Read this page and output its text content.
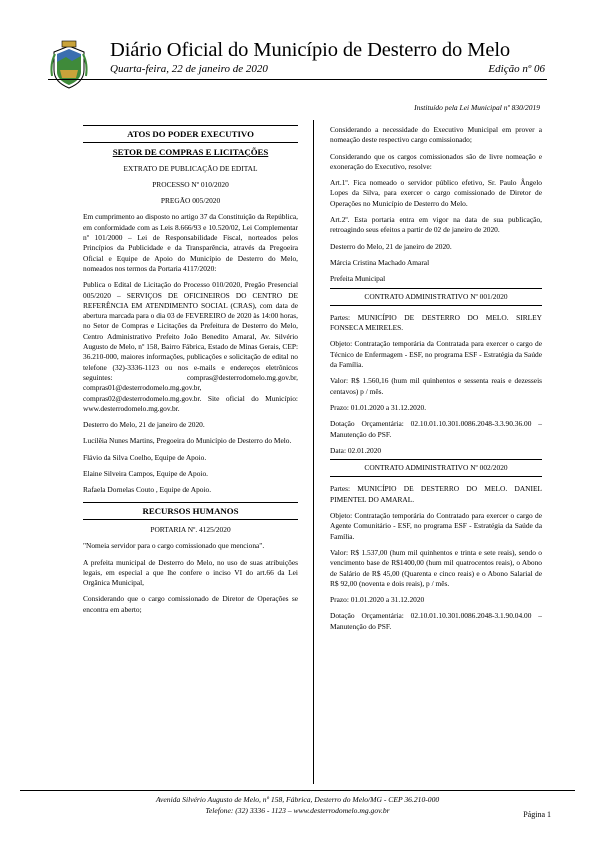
Diário Oficial do Município de Desterro do Melo
Quarta-feira, 22 de janeiro de 2020	Edição nº 06
Instituído pela Lei Municipal nº 830/2019
ATOS DO PODER EXECUTIVO
SETOR DE COMPRAS E LICITAÇÕES
EXTRATO DE PUBLICAÇÃO DE EDITAL
PROCESSO Nº 010/2020
PREGÃO 005/2020

Em cumprimento ao disposto no artigo 37 da Constituição da República, em conformidade com as Leis 8.666/93 e 10.520/02, Lei Complementar nº 101/2000 – Lei de Responsabilidade Fiscal, norteados pelos Princípios da Publicidade e da Transparência, através da Pregoeira Oficial e Equipe de Apoio do Município de Desterro do Melo, nomeados nos termos da Portaria 4117/2020:

Publica o Edital de Licitação do Processo 010/2020, Pregão Presencial 005/2020 – SERVIÇOS DE OFICINEIROS DO CENTRO DE REFERÊNCIA EM ATENDIMENTO SOCIAL (CRAS), com data de abertura marcada para o dia 03 de FEVEREIRO de 2020 às 14:00 horas, no Setor de Compras e Licitações da Prefeitura de Desterro do Melo, Centro Administrativo Prefeito João Benedito Amaral, Av. Silvério Augusto de Melo, nº 158, Bairro Fábrica, Estado de Minas Gerais, CEP: 36.210-000, maiores informações, publicações e solicitação de edital no telefone (32)-3336-1123 ou nos e-mails e endereços eletrônicos seguintes: compras@desterrodomelo.mg.gov.br, compras01@desterrodomelo.mg.gov.br, compras02@desterrodomelo.mg.gov.br. Site oficial do Município: www.desterrodomelo.mg.gov.br.

Desterro do Melo, 21 de janeiro de 2020.

Lucilêia Nunes Martins, Pregoeira do Município de Desterro do Melo.

Flávio da Silva Coelho, Equipe de Apoio.

Elaine Silveira Campos, Equipe de Apoio.

Rafaela Dornelas Couto , Equipe de Apoio.

RECURSOS HUMANOS
PORTARIA Nº. 4125/2020

"Nomeia servidor para o cargo comissionado que menciona".

A prefeita municipal de Desterro do Melo, no uso de suas atribuições legais, em especial a que lhe confere o inciso VI do art.66 da Lei Orgânica Municipal,

Considerando que o cargo comissionado de Diretor de Operações se encontra em aberto;

Considerando a necessidade do Executivo Municipal em prover a nomeação deste respectivo cargo comissionado;

Considerando que os cargos comissionados são de livre nomeação e exoneração do Executivo, resolve:

Art.1º. Fica nomeado o servidor público efetivo, Sr. Paulo Ângelo Lopes da Silva, para exercer o cargo comissionado de Diretor de Operações no Município de Desterro do Melo.

Art.2º. Esta portaria entra em vigor na data de sua publicação, retroagindo seus efeitos a partir de 02 de janeiro de 2020.

Desterro do Melo, 21 de janeiro de 2020.

Márcia Cristina Machado Amaral

Prefeita Municipal

CONTRATO ADMINISTRATIVO Nº 001/2020

Partes: MUNICÍPIO DE DESTERRO DO MELO. SIRLEY FONSECA MEIRELES.

Objeto: Contratação temporária da Contratada para exercer o cargo de Técnico de Enfermagem - ESF, no programa ESF - Estratégia da Saúde da Família.

Valor: R$ 1.560,16 (hum mil quinhentos e sessenta reais e dezesseis centavos) p / mês.

Prazo: 01.01.2020 a 31.12.2020.

Dotação Orçamentária: 02.10.01.10.301.0086.2048-3.3.90.36.00 – Manutenção do PSF.

Data: 02.01.2020

CONTRATO ADMINISTRATIVO Nº 002/2020

Partes: MUNICÍPIO DE DESTERRO DO MELO. DANIEL PIMENTEL DO AMARAL.

Objeto: Contratação temporária do Contratado para exercer o cargo de Agente Comunitário - ESF, no programa ESF - Estratégia da Saúde da Família.

Valor: R$ 1.537,00 (hum mil quinhentos e trinta e sete reais), sendo o vencimento base de R$1400,00 (hum mil quatrocentos reais), o Abono de Salário de R$ 45,00 (Quarenta e cinco reais) e o Abono Salarial de R$ 92,00 (noventa e dois reais), p / mês.

Prazo: 01.01.2020 a 31.12.2020

Dotação Orçamentária: 02.10.01.10.301.0086.2048-3.1.90.04.00 – Manutenção do PSF.

Avenida Silvério Augusto de Melo, nº 158, Fábrica, Desterro do Melo/MG - CEP 36.210-000
Telefone: (32) 3336 - 1123 – www.desterrodomelo.mg.gov.br	Página 1
